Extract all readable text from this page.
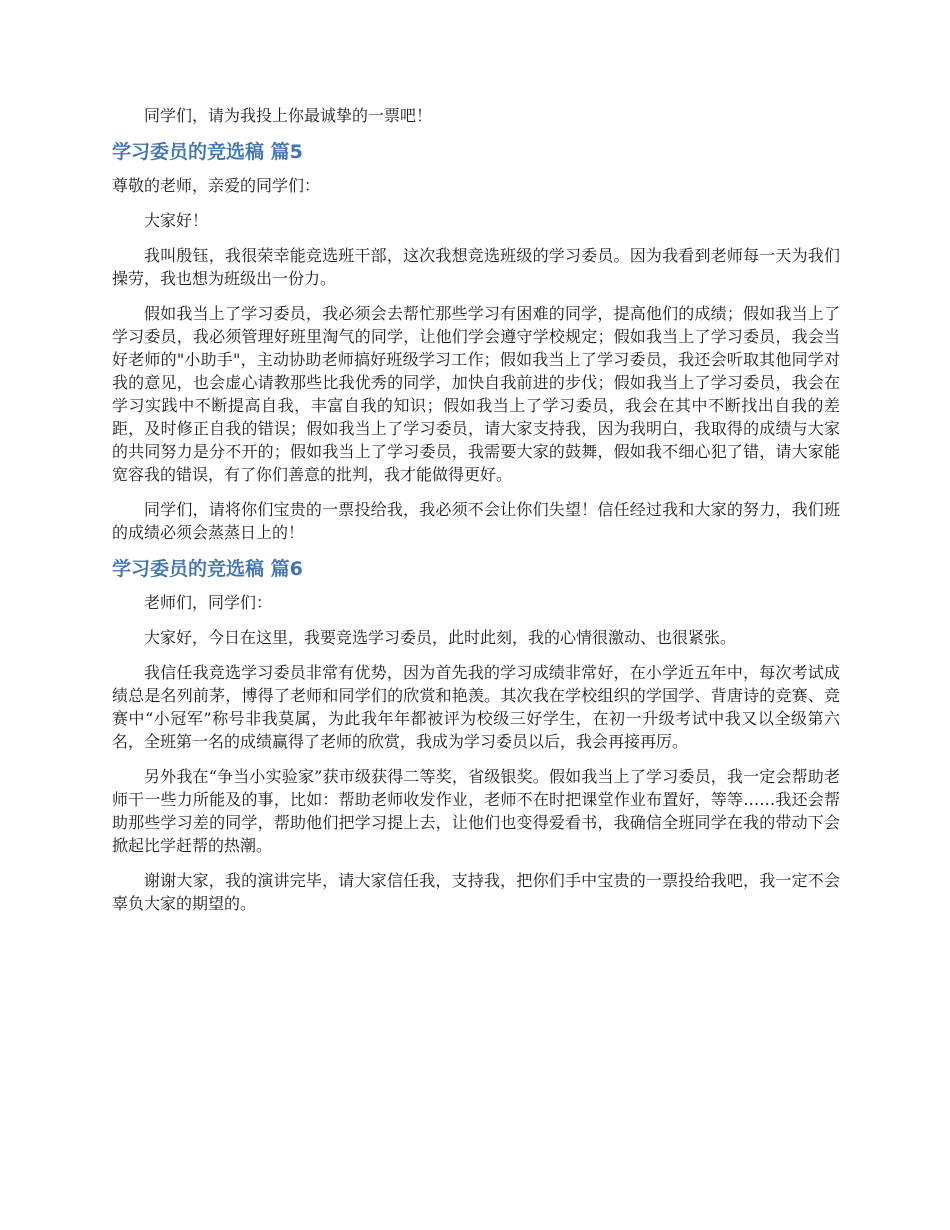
同学们，请为我投上你最诚挚的一票吧！

学习委员的竞选稿 篇5

尊敬的老师，亲爱的同学们：

大家好！

我叫殷钰，我很荣幸能竞选班干部，这次我想竞选班级的学习委员。因为我看到老师每一天为我们操劳，我也想为班级出一份力。

假如我当上了学习委员，我必须会去帮忙那些学习有困难的同学，提高他们的成绩；假如我当上了学习委员，我必须管理好班里淘气的同学，让他们学会遵守学校规定；假如我当上了学习委员，我会当好老师的"小助手"，主动协助老师搞好班级学习工作；假如我当上了学习委员，我还会听取其他同学对我的意见，也会虚心请教那些比我优秀的同学，加快自我前进的步伐；假如我当上了学习委员，我会在学习实践中不断提高自我，丰富自我的知识；假如我当上了学习委员，我会在其中不断找出自我的差距，及时修正自我的错误；假如我当上了学习委员，请大家支持我，因为我明白，我取得的成绩与大家的共同努力是分不开的；假如我当上了学习委员，我需要大家的鼓舞，假如我不细心犯了错，请大家能宽容我的错误，有了你们善意的批判，我才能做得更好。

同学们，请将你们宝贵的一票投给我，我必须不会让你们失望！信任经过我和大家的努力，我们班的成绩必须会蒸蒸日上的！

学习委员的竞选稿 篇6

老师们，同学们：

大家好，今日在这里，我要竞选学习委员，此时此刻，我的心情很激动、也很紧张。

我信任我竞选学习委员非常有优势，因为首先我的学习成绩非常好，在小学近五年中，每次考试成绩总是名列前茅，博得了老师和同学们的欣赏和艳羡。其次我在学校组织的学国学、背唐诗的竞赛、竞赛中“小冠军”称号非我莫属，为此我年年都被评为校级三好学生，在初一升级考试中我又以全级第六名，全班第一名的成绩赢得了老师的欣赏，我成为学习委员以后，我会再接再厉。

另外我在“争当小实验家”获市级获得二等奖，省级银奖。假如我当上了学习委员，我一定会帮助老师干一些力所能及的事，比如：帮助老师收发作业，老师不在时把课堂作业布置好，等等……我还会帮助那些学习差的同学，帮助他们把学习提上去，让他们也变得爱看书，我确信全班同学在我的带动下会掀起比学赶帮的热潮。

谢谢大家，我的演讲完毕，请大家信任我，支持我，把你们手中宝贵的一票投给我吧，我一定不会辜负大家的期望的。
